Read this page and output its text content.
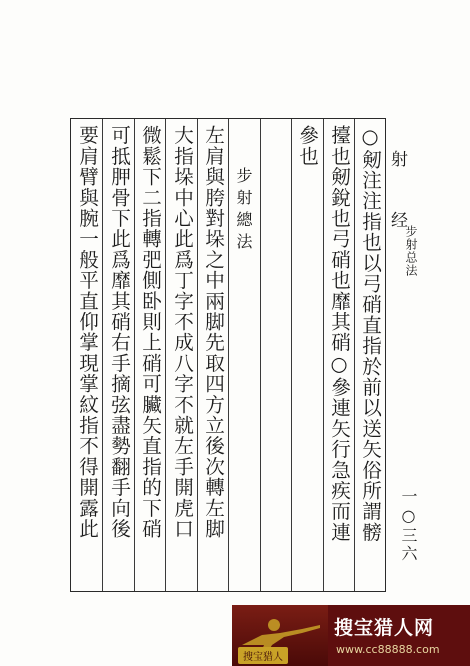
射 经
步射总法
一○三六
○剱注注指也以弓硝直指於前以送矢俗所謂髈
擡也剱銳也弓硝也靡其硝○參連矢行急疾而連
參也
步射總法
左肩與胯對垛之中兩脚先取四方立後次轉左脚
大指垛中心此爲丁字不成八字不就左手開虎口
微鬆下二指轉弝側卧則上硝可臟矢直指的下硝
可抵胛骨下此爲靡其硝右手摘弦盡勢翻手向後
要肩臂與腕一般平直仰掌現掌紋指不得開露此
搜宝猎人
搜宝猎人网
www.cc88888.com
